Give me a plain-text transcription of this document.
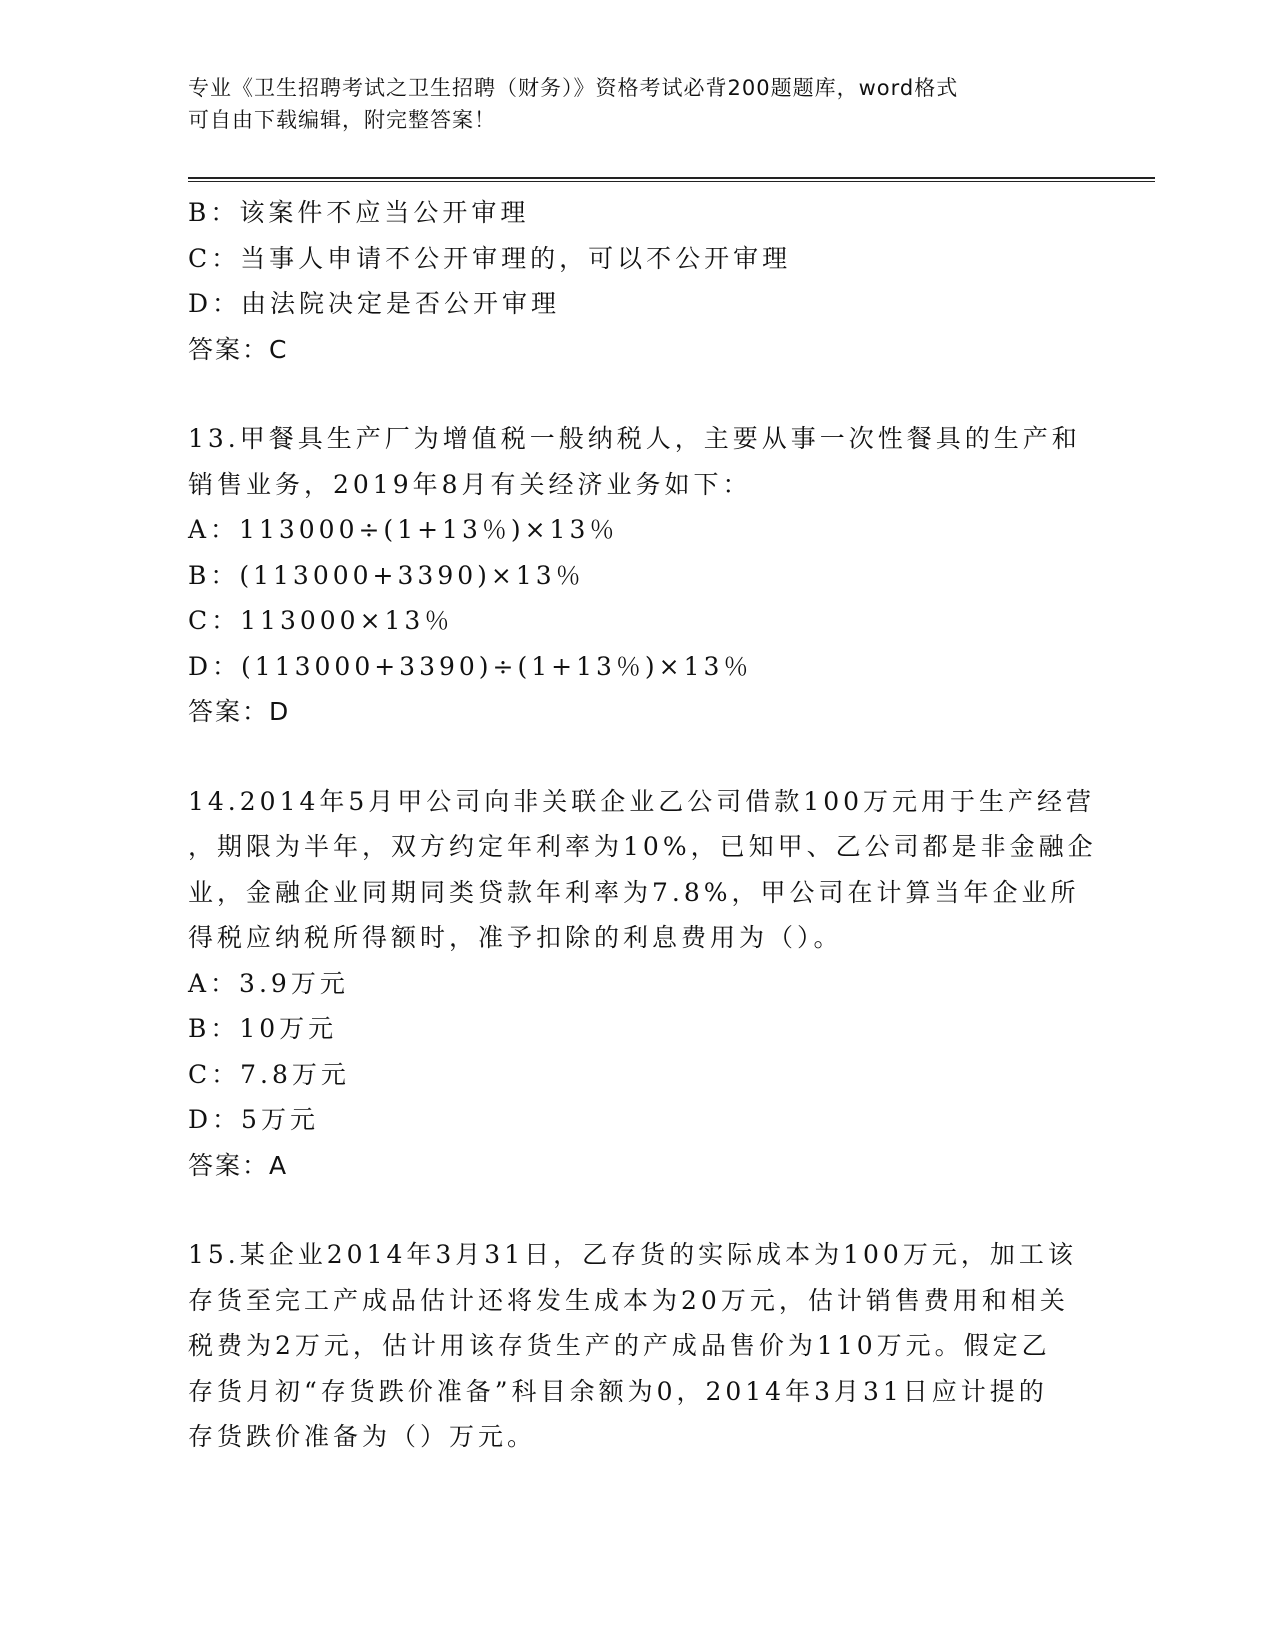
专业《卫生招聘考试之卫生招聘（财务）》资格考试必背200题题库，word格式
可自由下载编辑，附完整答案！
B：该案件不应当公开审理
C：当事人申请不公开审理的，可以不公开审理
D：由法院决定是否公开审理
答案：C
13.甲餐具生产厂为增值税一般纳税人，主要从事一次性餐具的生产和
销售业务，2019年8月有关经济业务如下：
A：113000÷(1+13％)×13％
B：(113000+3390)×13％
C：113000×13％
D：(113000+3390)÷(1+13％)×13％
答案：D
14.2014年5月甲公司向非关联企业乙公司借款100万元用于生产经营
，期限为半年，双方约定年利率为10%，已知甲、乙公司都是非金融企
业，金融企业同期同类贷款年利率为7.8%，甲公司在计算当年企业所
得税应纳税所得额时，准予扣除的利息费用为（）。
A：3.9万元
B：10万元
C：7.8万元
D：5万元
答案：A
15.某企业2014年3月31日，乙存货的实际成本为100万元，加工该
存货至完工产成品估计还将发生成本为20万元，估计销售费用和相关
税费为2万元，估计用该存货生产的产成品售价为110万元。假定乙
存货月初“存货跌价准备”科目余额为0，2014年3月31日应计提的
存货跌价准备为（）万元。
